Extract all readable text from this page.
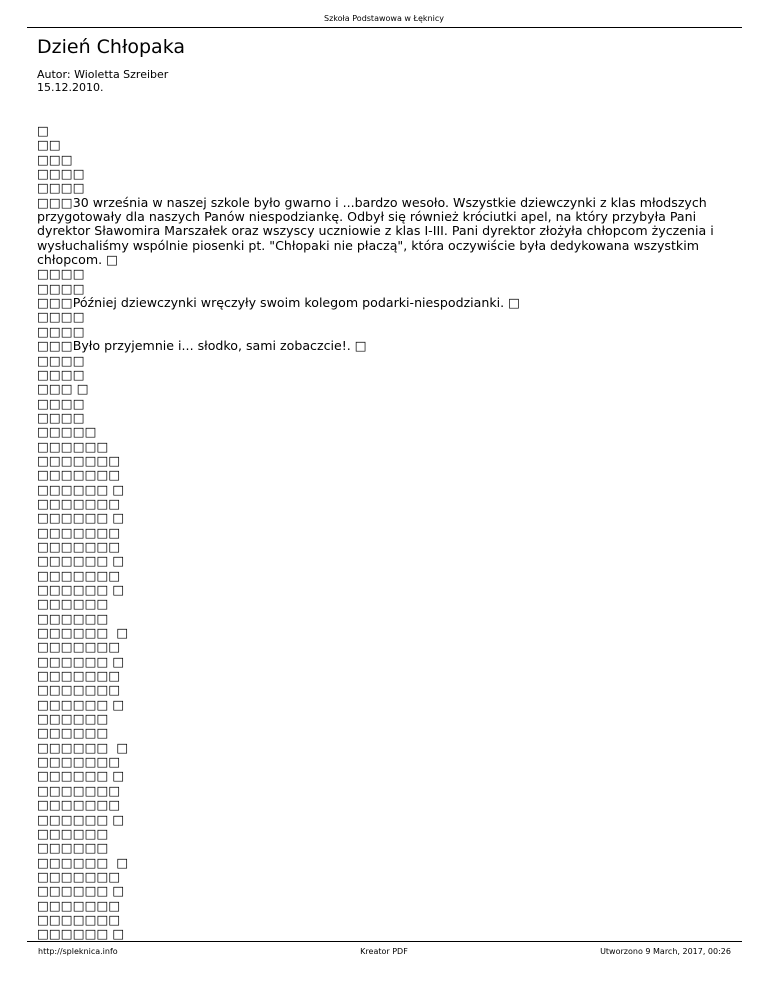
Szkoła Podstawowa w Łęknicy
Dzień Chłopaka
Autor: Wioletta Szreiber
15.12.2010.
□
□□
□□□
□□□□
□□□□
□□□30 września w naszej szkole było gwarno i ...bardzo wesoło. Wszystkie dziewczynki z klas młodszych przygotowały dla naszych Panów niespodziankę. Odbył się również króciutki apel, na który przybyła Pani dyrektor Sławomira Marszałek oraz wszyscy uczniowie z klas I-III. Pani dyrektor złożyła chłopcom życzenia i wysłuchaliśmy wspólnie piosenki pt. "Chłopaki nie płaczą", która oczywiście była dedykowana wszystkim chłopcom. □
□□□□
□□□□
□□□Później dziewczynki wręczyły swoim kolegom podarki-niespodzianki. □
□□□□
□□□□
□□□Było przyjemnie i... słodko, sami zobaczcie!. □
□□□□
□□□□
□□□ □
□□□□
□□□□
□□□□□
□□□□□□
□□□□□□□
□□□□□□□
□□□□□□ □
□□□□□□□
□□□□□□ □
□□□□□□□
□□□□□□□
□□□□□□ □
□□□□□□□
□□□□□□ □
□□□□□□
□□□□□□
□□□□□□  □
□□□□□□□
□□□□□□ □
□□□□□□□
□□□□□□□
□□□□□□ □
□□□□□□
□□□□□□
□□□□□□  □
□□□□□□□
□□□□□□ □
□□□□□□□
□□□□□□□
□□□□□□ □
□□□□□□
□□□□□□
□□□□□□  □
□□□□□□□
□□□□□□ □
□□□□□□□
□□□□□□□
□□□□□□ □
http://spleknica.info	Kreator PDF	Utworzono 9 March, 2017, 00:26
